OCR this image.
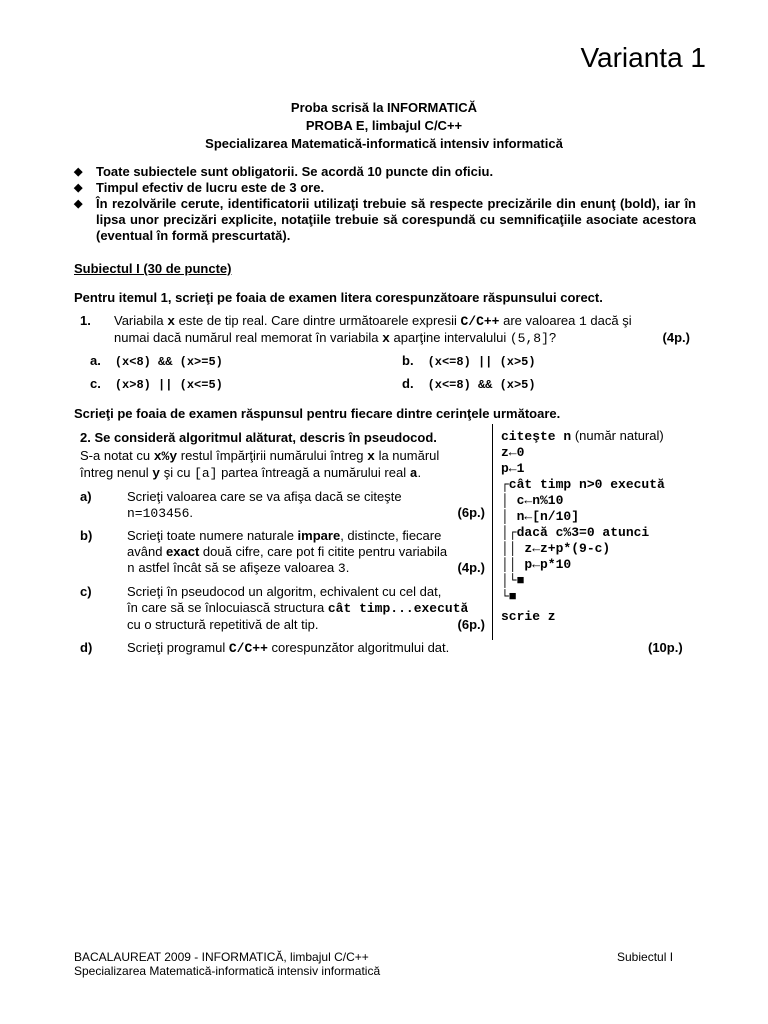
Varianta 1
Proba scrisă la INFORMATICĂ
PROBA E, limbajul C/C++
Specializarea Matematică-informatică intensiv informatică
◆ Toate subiectele sunt obligatorii. Se acordă 10 puncte din oficiu.
◆ Timpul efectiv de lucru este de 3 ore.
◆ În rezolvările cerute, identificatorii utilizaţi trebuie să respecte precizările din enunţ (bold), iar în lipsa unor precizări explicite, notaţiile trebuie să corespundă cu semnificaţiile asociate acestora (eventual în formă prescurtată).
Subiectul I (30 de puncte)
Pentru itemul 1, scrieţi pe foaia de examen litera corespunzătoare răspunsului corect.
1. Variabila x este de tip real. Care dintre următoarele expresii C/C++ are valoarea 1 dacă şi
numai dacă numărul real memorat în variabila x aparţine intervalului (5,8]?	(4p.)
a. (x<8) && (x>=5)	b. (x<=8) || (x>5)
c. (x>8) || (x<=5)	d. (x<=8) && (x>5)
Scrieţi pe foaia de examen răspunsul pentru fiecare dintre cerinţele următoare.
2. Se consideră algoritmul alăturat, descris în pseudocod.
S-a notat cu x%y restul împărţirii numărului întreg x la numărul
întreg nenul y şi cu [a] partea întreagă a numărului real a.
a)	Scrieţi valoarea care se va afişa dacă se citeşte
n=103456.	(6p.)
b)	Scrieţi toate numere naturale impare, distincte, fiecare
având exact două cifre, care pot fi citite pentru variabila
n astfel încât să se afişeze valoarea 3.	(4p.)
c)	Scrieţi în pseudocod un algoritm, echivalent cu cel dat,
în care să se înlocuiască structura cât timp...execută
cu o structură repetitivă de alt tip.	(6p.)
d)	Scrieţi programul C/C++ corespunzător algoritmului dat.	(10p.)
citeşte n (număr natural)
z←0
p←1
┌cât timp n>0 execută
│ c←n%10
│ n←[n/10]
│┌dacă c%3=0 atunci
││ z←z+p*(9-c)
││ p←p*10
│└■
└■
scrie z
BACALAUREAT 2009 - INFORMATICĂ, limbajul C/C++
Specializarea Matematică-informatică intensiv informatică
Subiectul I
